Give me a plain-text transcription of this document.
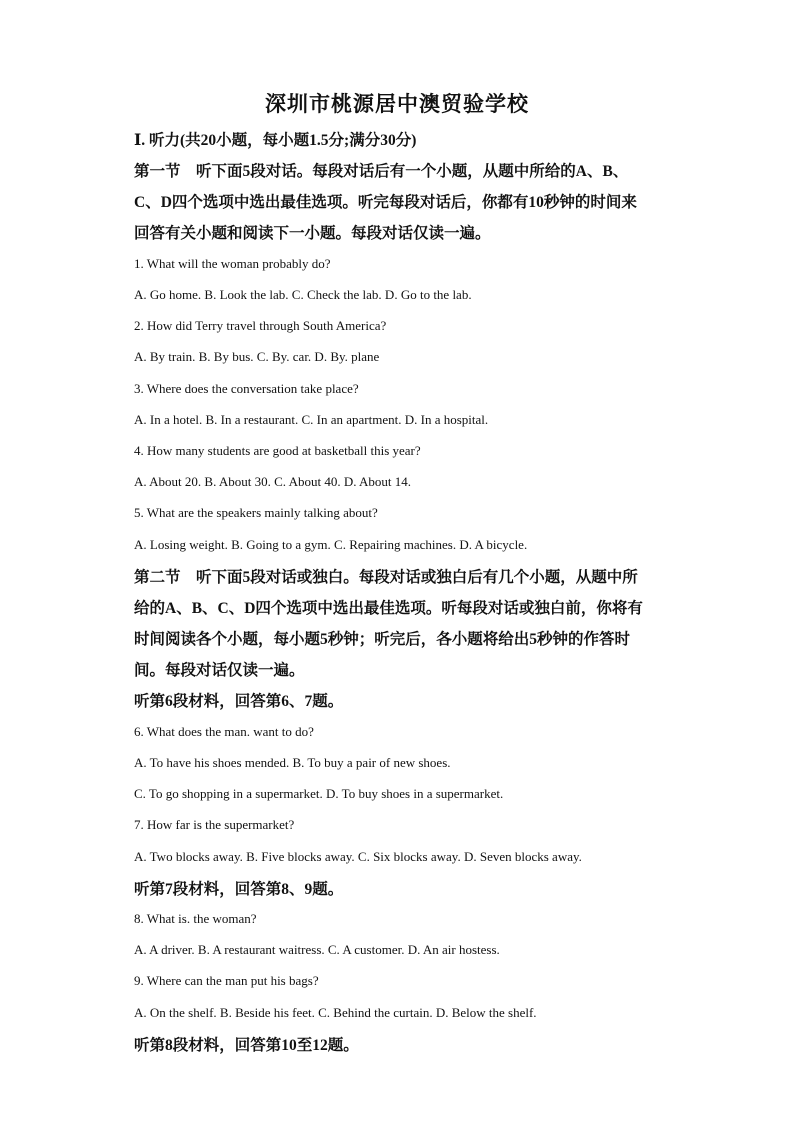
深圳市桃源居中澳贸验学校
Ⅰ. 听力(共20小题，每小题1.5分;满分30分)
第一节　听下面5段对话。每段对话后有一个小题，从题中所给的A、B、
C、D四个选项中选出最佳选项。听完每段对话后，你都有10秒钟的时间来
回答有关小题和阅读下一小题。每段对话仅读一遍。
1. What will the woman probably do?
A. Go home. B. Look the lab. C. Check the lab. D. Go to the lab.
2. How did Terry travel through South America?
A. By train. B. By bus. C. By. car. D. By. plane
3. Where does the conversation take place?
A. In a hotel. B. In a restaurant. C. In an apartment. D. In a hospital.
4. How many students are good at basketball this year?
A. About 20. B. About 30. C. About 40. D. About 14.
5. What are the speakers mainly talking about?
A. Losing weight. B. Going to a gym. C. Repairing machines. D. A bicycle.
第二节　听下面5段对话或独白。每段对话或独白后有几个小题，从题中所
给的A、B、C、D四个选项中选出最佳选项。听每段对话或独白前，你将有
时间阅读各个小题，每小题5秒钟；听完后，各小题将给出5秒钟的作答时
间。每段对话仅读一遍。
听第6段材料，回答第6、7题。
6. What does the man. want to do?
A. To have his shoes mended. B. To buy a pair of new shoes.
C. To go shopping in a supermarket. D. To buy shoes in a supermarket.
7. How far is the supermarket?
A. Two blocks away. B. Five blocks away. C. Six blocks away. D. Seven blocks away.
听第7段材料，回答第8、9题。
8. What is. the woman?
A. A driver. B. A restaurant waitress. C. A customer. D. An air hostess.
9. Where can the man put his bags?
A. On the shelf. B. Beside his feet. C. Behind the curtain. D. Below the shelf.
听第8段材料，回答第10至12题。
